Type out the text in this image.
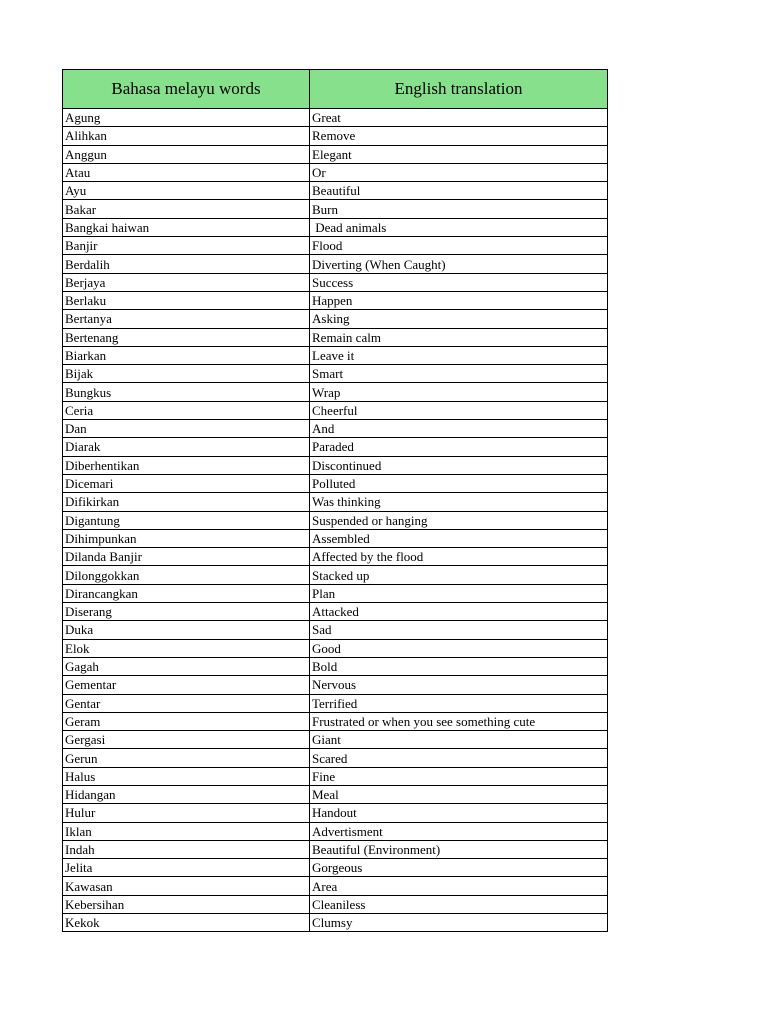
Bahasa melayu words	English translation
Agung	Great
Alihkan	Remove
Anggun	Elegant
Atau	Or
Ayu	Beautiful
Bakar	Burn
Bangkai haiwan	Dead animals
Banjir	Flood
Berdalih	Diverting (When Caught)
Berjaya	Success
Berlaku	Happen
Bertanya	Asking
Bertenang	Remain calm
Biarkan	Leave it
Bijak	Smart
Bungkus	Wrap
Ceria	Cheerful
Dan	And
Diarak	Paraded
Diberhentikan	Discontinued
Dicemari	Polluted
Difikirkan	Was thinking
Digantung	Suspended or hanging
Dihimpunkan	Assembled
Dilanda Banjir	Affected by the flood
Dilonggokkan	Stacked up
Dirancangkan	Plan
Diserang	Attacked
Duka	Sad
Elok	Good
Gagah	Bold
Gementar	Nervous
Gentar	Terrified
Geram	Frustrated or when you see something cute
Gergasi	Giant
Gerun	Scared
Halus	Fine
Hidangan	Meal
Hulur	Handout
Iklan	Advertisment
Indah	Beautiful (Environment)
Jelita	Gorgeous
Kawasan	Area
Kebersihan	Cleaniless
Kekok	Clumsy
